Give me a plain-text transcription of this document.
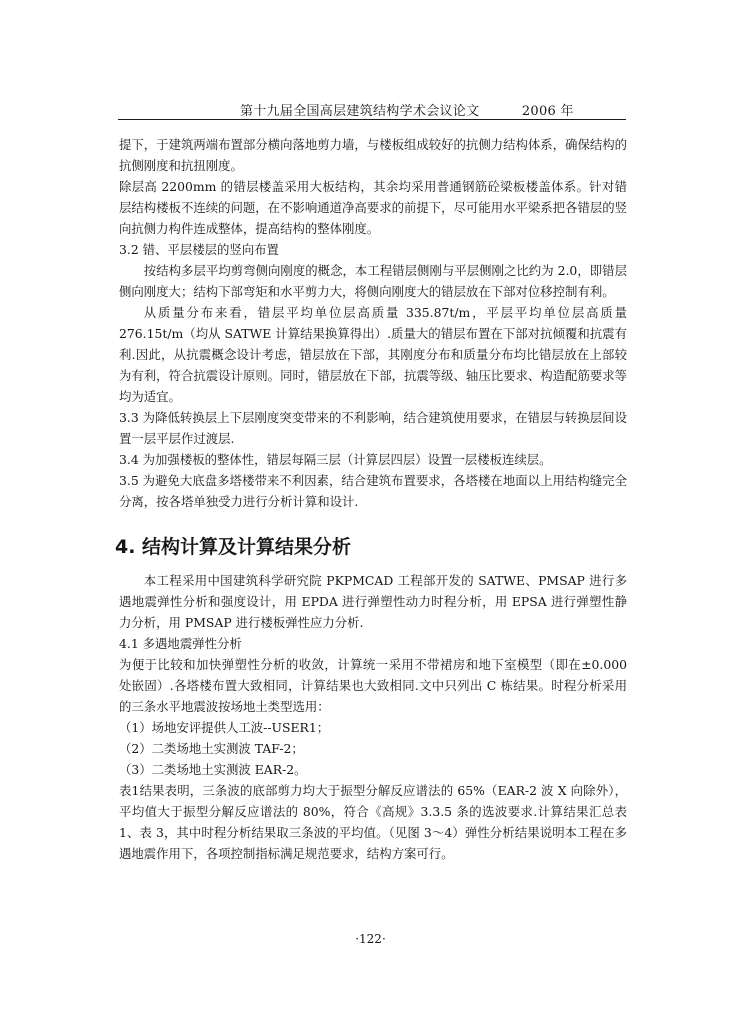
第十九届全国高层建筑结构学术会议论文	2006 年

提下，于建筑两端布置部分横向落地剪力墙，与楼板组成较好的抗侧力结构体系，确保结构的抗侧刚度和抗扭刚度。

除层高 2200mm 的错层楼盖采用大板结构，其余均采用普通钢筋砼梁板楼盖体系。针对错层结构楼板不连续的问题，在不影响通道净高要求的前提下，尽可能用水平梁系把各错层的竖向抗侧力构件连成整体，提高结构的整体刚度。

3.2 错、平层楼层的竖向布置

按结构多层平均剪弯侧向刚度的概念，本工程错层侧刚与平层侧刚之比约为 2.0，即错层侧向刚度大；结构下部弯矩和水平剪力大，将侧向刚度大的错层放在下部对位移控制有利。

从质量分布来看，错层平均单位层高质量 335.87t/m，平层平均单位层高质量 276.15t/m（均从 SATWE 计算结果换算得出）.质量大的错层布置在下部对抗倾覆和抗震有利.因此，从抗震概念设计考虑，错层放在下部，其刚度分布和质量分布均比错层放在上部较为有利，符合抗震设计原则。同时，错层放在下部，抗震等级、轴压比要求、构造配筋要求等均为适宜。

3.3 为降低转换层上下层刚度突变带来的不利影响，结合建筑使用要求，在错层与转换层间设置一层平层作过渡层.

3.4 为加强楼板的整体性，错层每隔三层（计算层四层）设置一层楼板连续层。

3.5 为避免大底盘多塔楼带来不利因素，结合建筑布置要求，各塔楼在地面以上用结构缝完全分离，按各塔单独受力进行分析计算和设计.

4. 结构计算及计算结果分析

本工程采用中国建筑科学研究院 PKPMCAD 工程部开发的 SATWE、PMSAP 进行多遇地震弹性分析和强度设计，用 EPDA 进行弹塑性动力时程分析，用 EPSA 进行弹塑性静力分析，用 PMSAP 进行楼板弹性应力分析.

4.1 多遇地震弹性分析

为便于比较和加快弹塑性分析的收敛，计算统一采用不带裙房和地下室模型（即在±0.000 处嵌固）.各塔楼布置大致相同，计算结果也大致相同.文中只列出 C 栋结果。时程分析采用的三条水平地震波按场地土类型选用：

（1）场地安评提供人工波--USER1；

（2）二类场地土实测波 TAF-2；

（3）二类场地土实测波 EAR-2。

表1结果表明，三条波的底部剪力均大于振型分解反应谱法的 65%（EAR-2 波 X 向除外），平均值大于振型分解反应谱法的 80%，符合《高规》3.3.5 条的选波要求.计算结果汇总表 1、表 3，其中时程分析结果取三条波的平均值。（见图 3～4）弹性分析结果说明本工程在多遇地震作用下，各项控制指标满足规范要求，结构方案可行。

·122·
